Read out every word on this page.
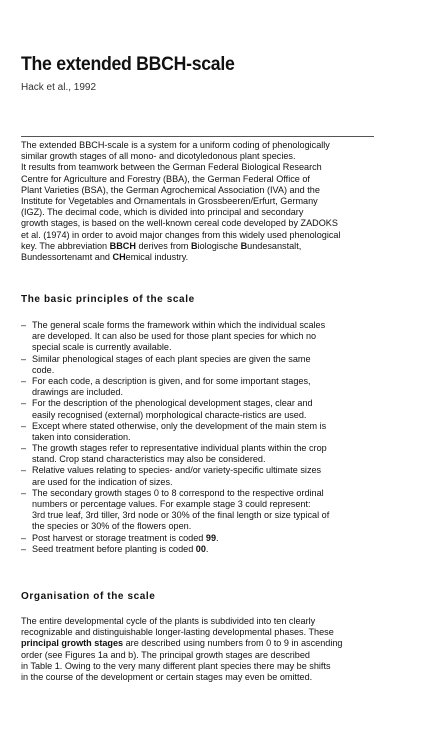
The extended BBCH-scale
Hack et al., 1992
The extended BBCH-scale is a system for a uniform coding of phenologically
similar growth stages of all mono- and dicotyledonous plant species.
It results from teamwork between the German Federal Biological Research
Centre for Agriculture and Forestry (BBA), the German Federal Office of
Plant Varieties (BSA), the German Agrochemical Association (IVA) and the
Institute for Vegetables and Ornamentals in Grossbeeren/Erfurt, Germany
(IGZ). The decimal code, which is divided into principal and secondary
growth stages, is based on the well-known cereal code developed by ZADOKS
et al. (1974) in order to avoid major changes from this widely used phenological
key. The abbreviation BBCH derives from Biologische Bundesanstalt,
Bundessortenamt and CHemical industry.
The basic principles of the scale
– The general scale forms the framework within which the individual scales
are developed. It can also be used for those plant species for which no
special scale is currently available.
– Similar phenological stages of each plant species are given the same
code.
– For each code, a description is given, and for some important stages,
drawings are included.
– For the description of the phenological development stages, clear and
easily recognised (external) morphological characte-ristics are used.
– Except where stated otherwise, only the development of the main stem is
taken into consideration.
– The growth stages refer to representative individual plants within the crop
stand. Crop stand characteristics may also be considered.
– Relative values relating to species- and/or variety-specific ultimate sizes
are used for the indication of sizes.
– The secondary growth stages 0 to 8 correspond to the respective ordinal
numbers or percentage values. For example stage 3 could represent:
3rd true leaf, 3rd tiller, 3rd node or 30% of the final length or size typical of
the species or 30% of the flowers open.
– Post harvest or storage treatment is coded 99.
– Seed treatment before planting is coded 00.
Organisation of the scale
The entire developmental cycle of the plants is subdivided into ten clearly
recognizable and distinguishable longer-lasting developmental phases. These
principal growth stages are described using numbers from 0 to 9 in ascending
order (see Figures 1a and b). The principal growth stages are described
in Table 1. Owing to the very many different plant species there may be shifts
in the course of the development or certain stages may even be omitted.
